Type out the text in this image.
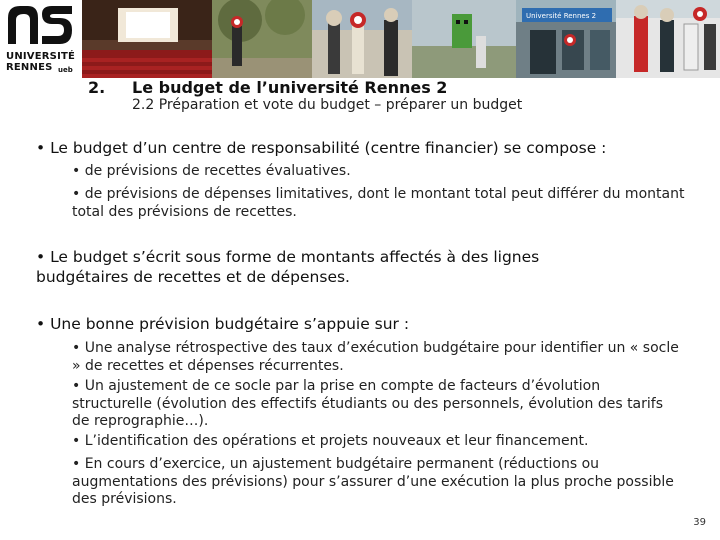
Université Rennes 2
UNIVERSITÉ
RENNES ueb
2. Le budget de l’université Rennes 2
2.2 Préparation et vote du budget – préparer un budget
• Le budget d’un centre de responsabilité (centre financier) se compose :
• de prévisions de recettes évaluatives.
• de prévisions de dépenses limitatives, dont le montant total peut différer du montant total des prévisions de recettes.
• Le budget s’écrit sous forme de montants affectés à des lignes budgétaires de recettes et de dépenses.
• Une bonne prévision budgétaire s’appuie sur :
• Une analyse rétrospective des taux d’exécution budgétaire pour identifier un « socle » de recettes et dépenses récurrentes.
• Un ajustement de ce socle par la prise en compte de facteurs d’évolution structurelle (évolution des effectifs étudiants ou des personnels, évolution des tarifs de reprographie…).
• L’identification des opérations et projets nouveaux et leur financement.
• En cours d’exercice, un ajustement budgétaire permanent (réductions ou augmentations des prévisions) pour s’assurer d’une exécution la plus proche possible des prévisions.
39
